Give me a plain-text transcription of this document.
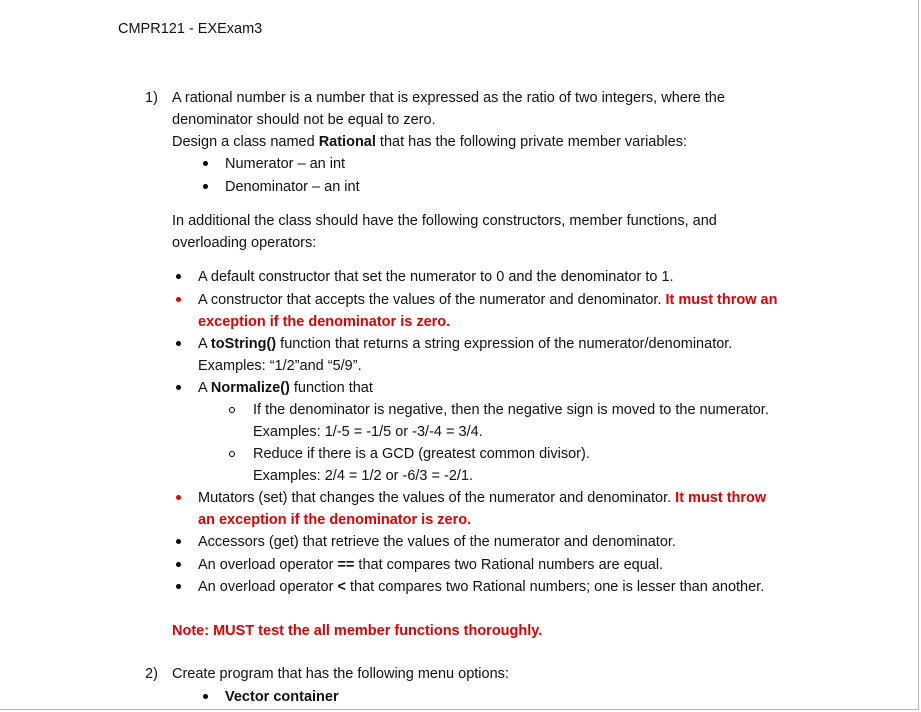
CMPR121 - EXExam3
1) A rational number is a number that is expressed as the ratio of two integers, where the
denominator should not be equal to zero.
Design a class named Rational that has the following private member variables:
Numerator – an int
Denominator – an int
In additional the class should have the following constructors, member functions, and
overloading operators:
A default constructor that set the numerator to 0 and the denominator to 1.
A constructor that accepts the values of the numerator and denominator. It must throw an
exception if the denominator is zero.
A toString() function that returns a string expression of the numerator/denominator.
Examples: “1/2”and “5/9”.
A Normalize() function that
If the denominator is negative, then the negative sign is moved to the numerator.
Examples: 1/-5 = -1/5 or -3/-4 = 3/4.
Reduce if there is a GCD (greatest common divisor).
Examples: 2/4 = 1/2 or -6/3 = -2/1.
Mutators (set) that changes the values of the numerator and denominator. It must throw
an exception if the denominator is zero.
Accessors (get) that retrieve the values of the numerator and denominator.
An overload operator == that compares two Rational numbers are equal.
An overload operator < that compares two Rational numbers; one is lesser than another.
Note: MUST test the all member functions thoroughly.
2) Create program that has the following menu options:
Vector container
